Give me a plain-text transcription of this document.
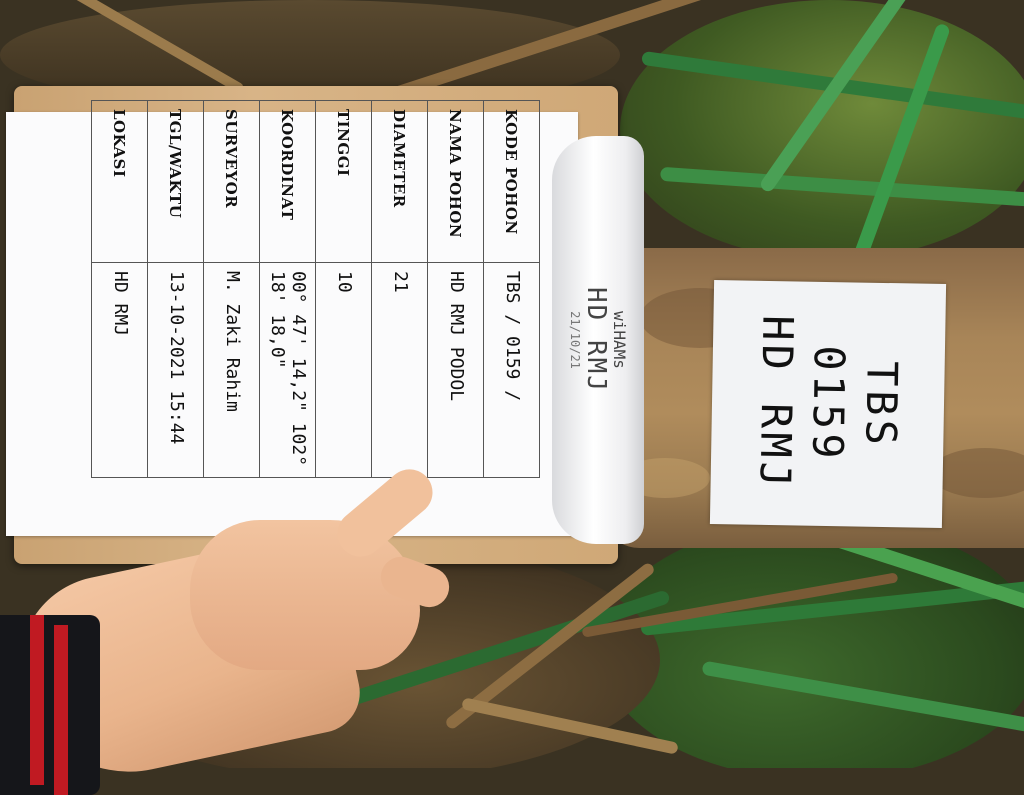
TBS
0159
HD RMJ
KODE POHON	TBS / 0159 /
NAMA POHON	HD RMJ PODOL
DIAMETER	21
TINGGI	10
KOORDINAT	00° 47' 14,2" 102° 18' 18,0"
SURVEYOR	M. Zaki Rahim
TGL/WAKTU	13-10-2021 15:44
LOKASI	HD RMJ
wiHAMs
HD RMJ
21/10/21
